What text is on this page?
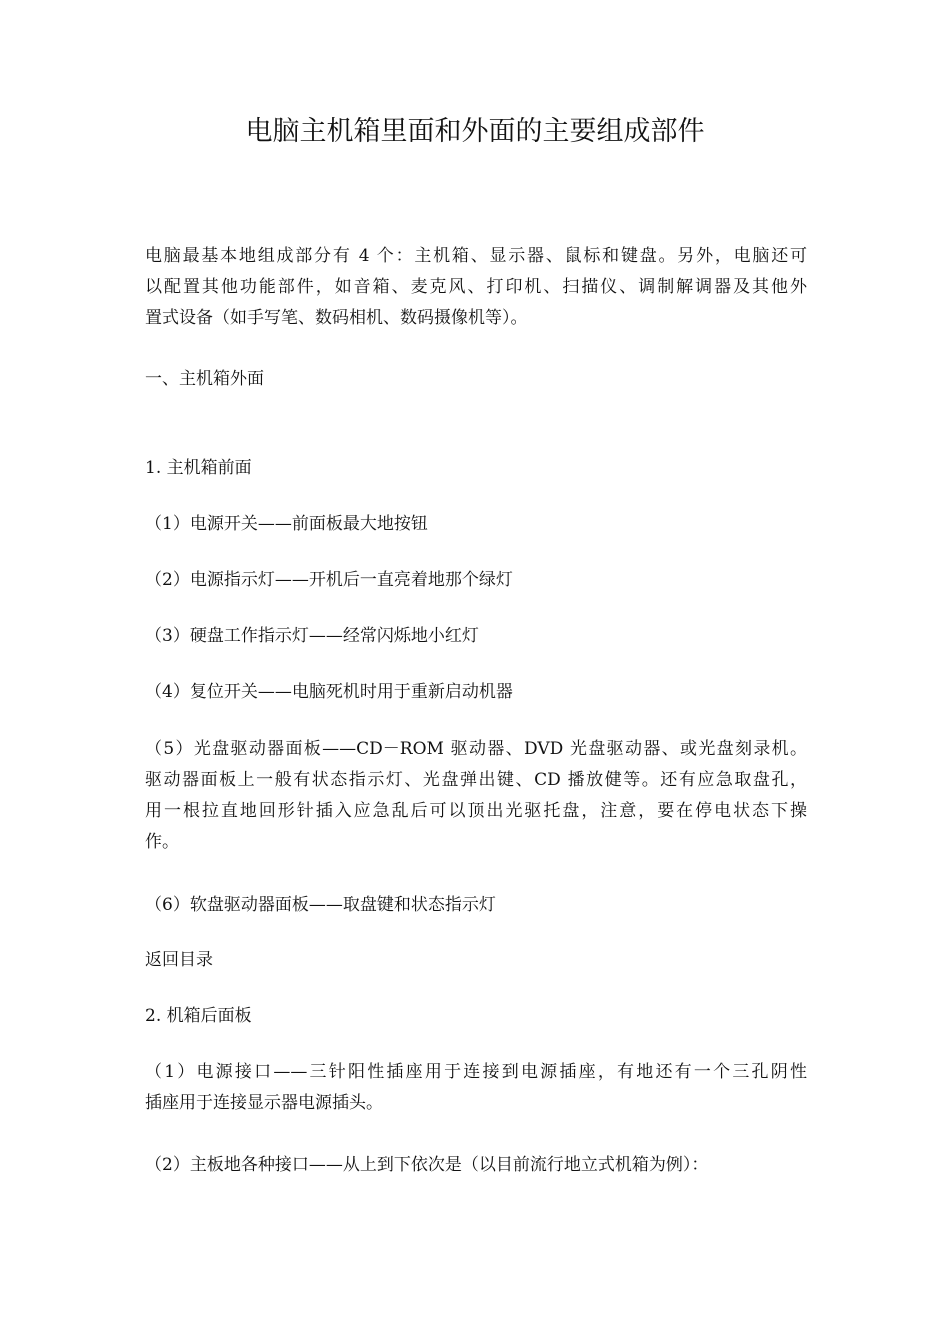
电脑主机箱里面和外面的主要组成部件
电脑最基本地组成部分有 4 个：主机箱、显示器、鼠标和键盘。另外，电脑还可
以配置其他功能部件，如音箱、麦克风、打印机、扫描仪、调制解调器及其他外
置式设备（如手写笔、数码相机、数码摄像机等）。
一、主机箱外面
1. 主机箱前面
（1）电源开关——前面板最大地按钮
（2）电源指示灯——开机后一直亮着地那个绿灯
（3）硬盘工作指示灯——经常闪烁地小红灯
（4）复位开关——电脑死机时用于重新启动机器
（5）光盘驱动器面板——CD－ROM 驱动器、DVD 光盘驱动器、或光盘刻录机。
驱动器面板上一般有状态指示灯、光盘弹出键、CD 播放健等。还有应急取盘孔，
用一根拉直地回形针插入应急乱后可以顶出光驱托盘，注意，要在停电状态下操
作。
（6）软盘驱动器面板——取盘键和状态指示灯
返回目录
2. 机箱后面板
（1）电源接口——三针阳性插座用于连接到电源插座，有地还有一个三孔阴性
插座用于连接显示器电源插头。
（2）主板地各种接口——从上到下依次是（以目前流行地立式机箱为例）：
